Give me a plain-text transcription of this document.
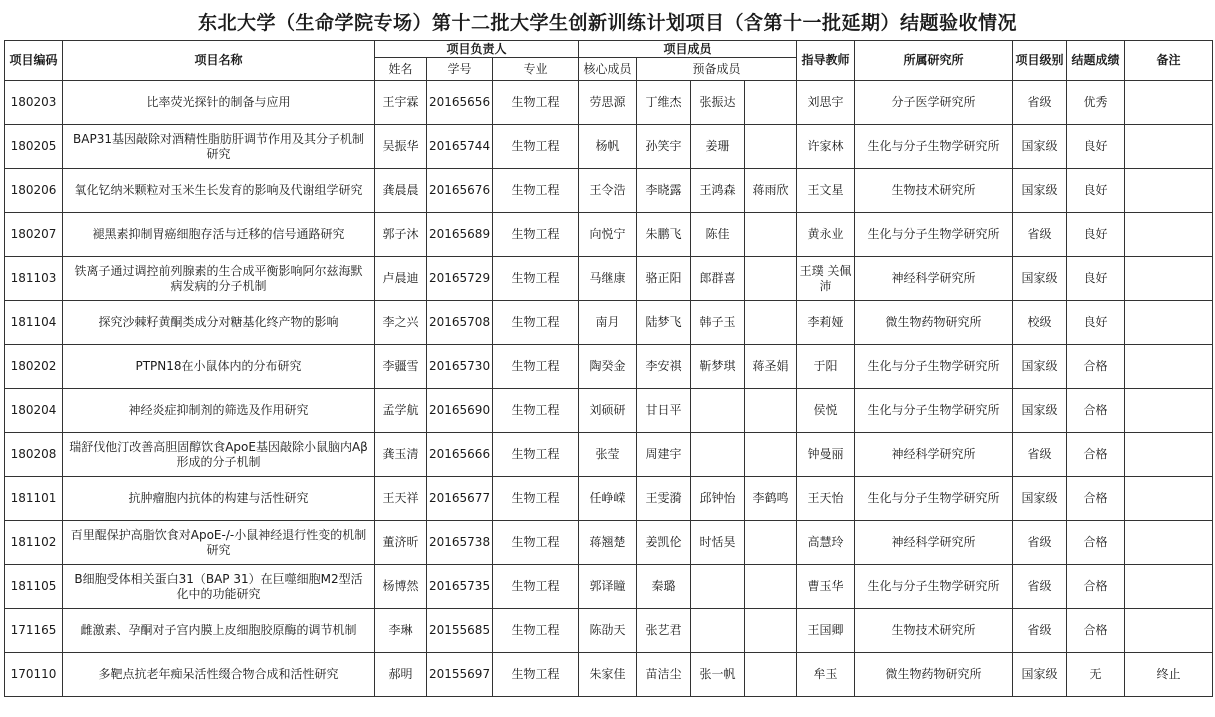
东北大学（生命学院专场）第十二批大学生创新训练计划项目（含第十一批延期）结题验收情况
项目编码	项目名称	项目负责人			项目成员				指导教师	所属研究所	项目级别	结题成绩	备注
		姓名	学号	专业	核心成员	预备成员							
180203	比率荧光探针的制备与应用	王宇霖	20165656	生物工程	劳思源	丁维杰	张振达		刘思宇	分子医学研究所	省级	优秀	
180205	BAP31基因敲除对酒精性脂肪肝调节作用及其分子机制研究	吴振华	20165744	生物工程	杨帆	孙笑宇	姜珊		许家林	生化与分子生物学研究所	国家级	良好	
180206	氧化钇纳米颗粒对玉米生长发育的影响及代谢组学研究	龚晨晨	20165676	生物工程	王令浩	李晓露	王鸿森	蒋雨欣	王文星	生物技术研究所	国家级	良好	
180207	褪黑素抑制胃癌细胞存活与迁移的信号通路研究	郭子沐	20165689	生物工程	向悦宁	朱鹏飞	陈佳		黄永业	生化与分子生物学研究所	省级	良好	
181103	铁离子通过调控前列腺素的生合成平衡影响阿尔兹海默病发病的分子机制	卢晨迪	20165729	生物工程	马继康	骆正阳	郎群喜		王璞 关佩沛	神经科学研究所	国家级	良好	
181104	探究沙棘籽黄酮类成分对糖基化终产物的影响	李之兴	20165708	生物工程	南月	陆梦飞	韩子玉		李莉娅	微生物药物研究所	校级	良好	
180202	PTPN18在小鼠体内的分布研究	李疆雪	20165730	生物工程	陶癸金	李安祺	靳梦琪	蒋圣娟	于阳	生化与分子生物学研究所	国家级	合格	
180204	神经炎症抑制剂的筛选及作用研究	孟学航	20165690	生物工程	刘硕研	甘日平			侯悦	生化与分子生物学研究所	国家级	合格	
180208	瑞舒伐他汀改善高胆固醇饮食ApoE基因敲除小鼠脑内Aβ形成的分子机制	龚玉清	20165666	生物工程	张莹	周建宇			钟曼丽	神经科学研究所	省级	合格	
181101	抗肿瘤胞内抗体的构建与活性研究	王天祥	20165677	生物工程	任峥嵘	王雯漪	邱钟怡	李鹤鸣	王天怡	生化与分子生物学研究所	国家级	合格	
181102	百里醌保护高脂饮食对ApoE-/-小鼠神经退行性变的机制研究	董济昕	20165738	生物工程	蒋翘楚	姜凯伦	时恬昊		高慧玲	神经科学研究所	省级	合格	
181105	B细胞受体相关蛋白31（BAP 31）在巨噬细胞M2型活化中的功能研究	杨博然	20165735	生物工程	郭译瞳	秦璐			曹玉华	生化与分子生物学研究所	省级	合格	
171165	雌激素、孕酮对子宫内膜上皮细胞胶原酶的调节机制	李琳	20155685	生物工程	陈劭天	张艺君			王国卿	生物技术研究所	省级	合格	
170110	多靶点抗老年痴呆活性缀合物合成和活性研究	郝明	20155697	生物工程	朱家佳	苗洁尘	张一帆		牟玉	微生物药物研究所	国家级	无	终止
